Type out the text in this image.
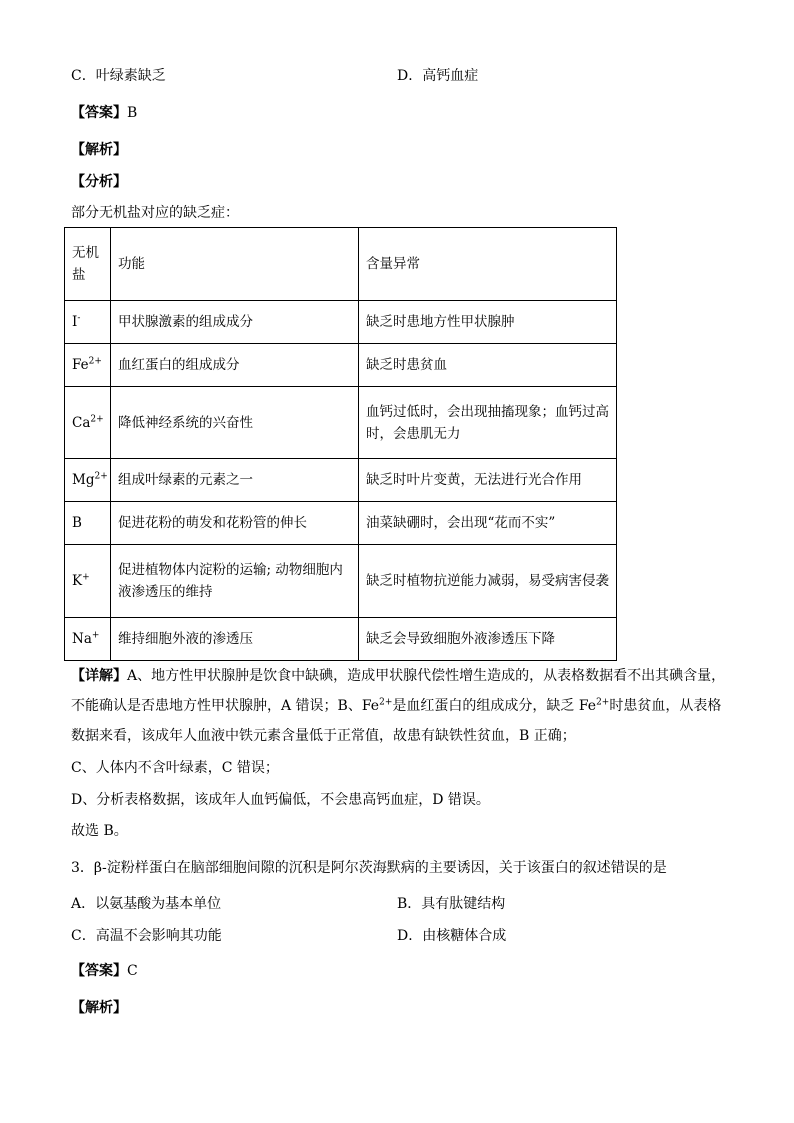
C．叶绿素缺乏	D．高钙血症
【答案】B
【解析】
【分析】
部分无机盐对应的缺乏症：
无机盐	功能	含量异常
I-	甲状腺激素的组成成分	缺乏时患地方性甲状腺肿
$Fe^{2+}$	血红蛋白的组成成分	缺乏时患贫血
$Ca^{2+}$	降低神经系统的兴奋性	血钙过低时，会出现抽搐现象；血钙过高时，会患肌无力
$Mg^{2+}$	组成叶绿素的元素之一	缺乏时叶片变黄，无法进行光合作用
B	促进花粉的萌发和花粉管的伸长	油菜缺硼时，会出现“花而不实”
K+	促进植物体内淀粉的运输; 动物细胞内液渗透压的维持	缺乏时植物抗逆能力减弱，易受病害侵袭
Na+	维持细胞外液的渗透压	缺乏会导致细胞外液渗透压下降
【详解】A、地方性甲状腺肿是饮食中缺碘，造成甲状腺代偿性增生造成的，从表格数据看不出其碘含量，不能确认是否患地方性甲状腺肿，A 错误；B、$Fe^{2+}$是血红蛋白的组成成分，缺乏 $Fe^{2+}$时患贫血，从表格数据来看，该成年人血液中铁元素含量低于正常值，故患有缺铁性贫血，B 正确；
C、人体内不含叶绿素，C 错误；
D、分析表格数据，该成年人血钙偏低，不会患高钙血症，D 错误。
故选 B。
3．β-淀粉样蛋白在脑部细胞间隙的沉积是阿尔茨海默病的主要诱因，关于该蛋白的叙述错误的是
A．以氨基酸为基本单位	B．具有肽键结构
C．高温不会影响其功能	D．由核糖体合成
【答案】C
【解析】
